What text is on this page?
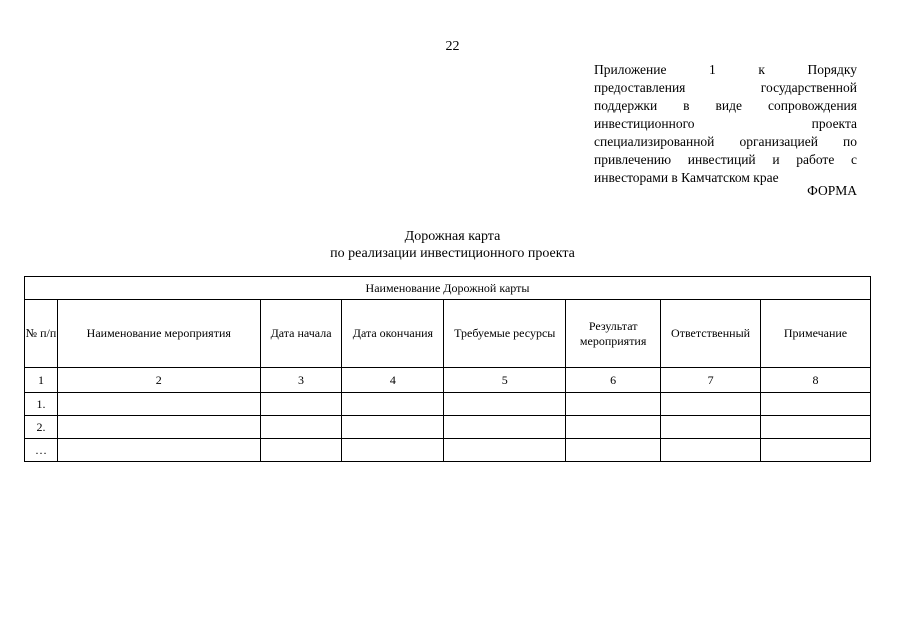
22
Приложение 1 к Порядку
предоставления государственной
поддержки в виде сопровождения
инвестиционного проекта
специализированной организацией по
привлечению инвестиций и работе с
инвесторами в Камчатском крае
ФОРМА
Дорожная карта
по реализации инвестиционного проекта
Наименование Дорожной карты							
№ п/п	Наименование мероприятия	Дата начала	Дата окончания	Требуемые ресурсы	Результат мероприятия	Ответственный	Примечание
1	2	3	4	5	6	7	8
1.							
2.							
…							
